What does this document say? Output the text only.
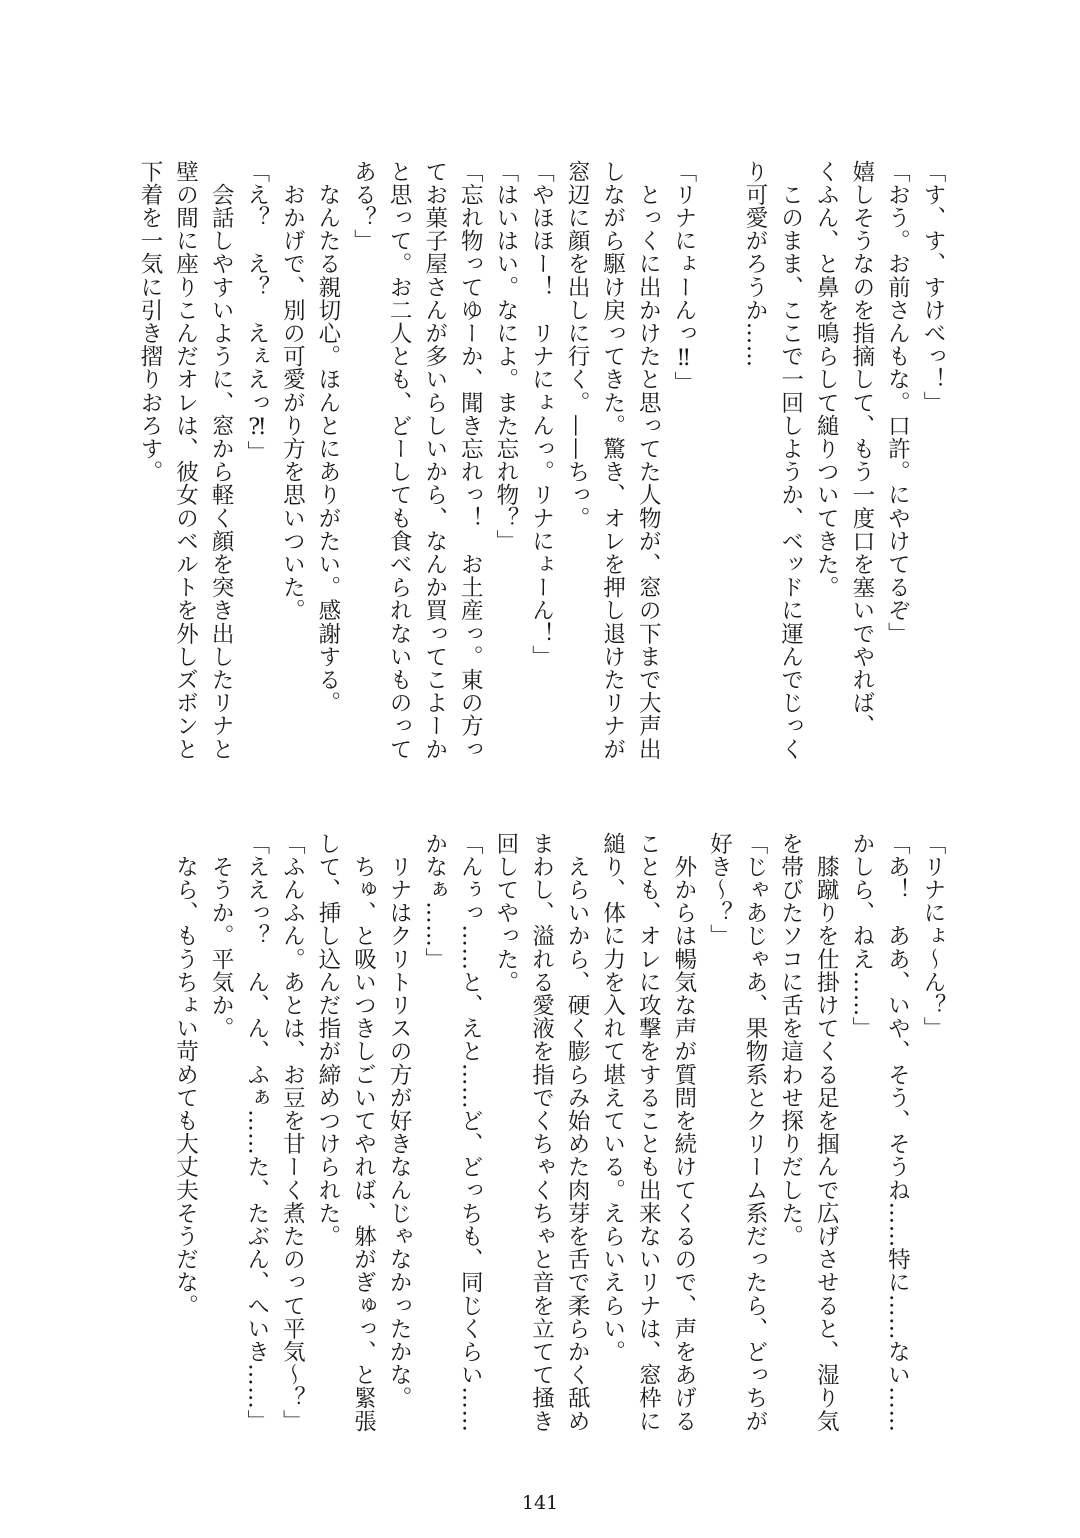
「す、す、すけべっ！」
「おう。お前さんもな。口許。にやけてるぞ」
嬉しそうなのを指摘して、もう一度口を塞いでやれば、
くふん、と鼻を鳴らして縋りついてきた。
　このまま、ここで一回しようか、ベッドに運んでじっく
り可愛がろうか……
「リナにょーんっ‼」
　とっくに出かけたと思ってた人物が、窓の下まで大声出
しながら駆け戻ってきた。驚き、オレを押し退けたリナが
窓辺に顔を出しに行く。——ちっ。
「やほほー！　リナにょんっ。リナにょーん！」
「はいはい。なによ。また忘れ物？」
「忘れ物ってゆーか、聞き忘れっ！　お土産っ。東の方っ
てお菓子屋さんが多いらしいから、なんか買ってこよーか
と思って。お二人とも、どーしても食べられないものって
ある？」
　なんたる親切心。ほんとにありがたい。感謝する。
　おかげで、別の可愛がり方を思いついた。
「え？　え？　えぇえっ⁈」
　会話しやすいように、窓から軽く顔を突き出したリナと
壁の間に座りこんだオレは、彼女のベルトを外しズボンと
下着を一気に引き摺りおろす。
「リナにょ〜ん？」
「あ！　ああ、いや、そう、そうね……特に……ない……
かしら、ねえ……」
　膝蹴りを仕掛けてくる足を掴んで広げさせると、湿り気
を帯びたソコに舌を這わせ探りだした。
「じゃあじゃあ、果物系とクリーム系だったら、どっちが
好き〜？」
　外からは暢気な声が質問を続けてくるので、声をあげる
ことも、オレに攻撃をすることも出来ないリナは、窓枠に
縋り、体に力を入れて堪えている。えらいえらい。
　えらいから、硬く膨らみ始めた肉芽を舌で柔らかく舐め
まわし、溢れる愛液を指でくちゃくちゃと音を立てて掻き
回してやった。
「んぅっ……と、えと……ど、どっちも、同じくらい……
かなぁ……」
　リナはクリトリスの方が好きなんじゃなかったかな。
　ちゅ、と吸いつきしごいてやれば、躰がぎゅっ、と緊張
して、挿し込んだ指が締めつけられた。
「ふんふん。あとは、お豆を甘ーく煮たのって平気〜？」
「ええっ？　ん、ん、ふぁ……た、たぶん、へいき……」
　そうか。平気か。
　なら、もうちょい苛めても大丈夫そうだな。
141
